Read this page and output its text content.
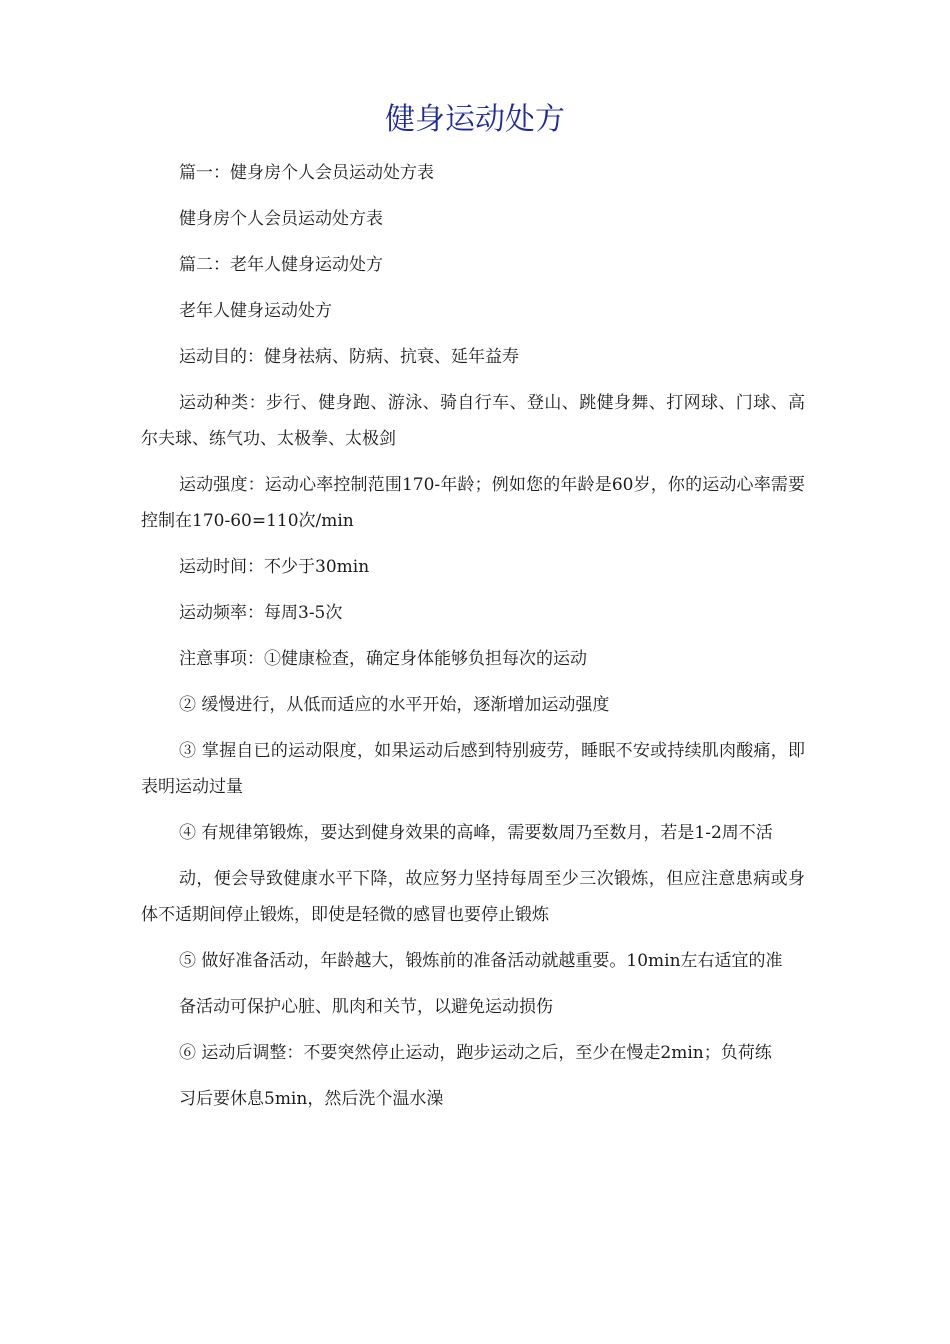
健身运动处方

篇一：健身房个人会员运动处方表

健身房个人会员运动处方表

篇二：老年人健身运动处方

老年人健身运动处方

运动目的：健身祛病、防病、抗衰、延年益寿

运动种类：步行、健身跑、游泳、骑自行车、登山、跳健身舞、打网球、门球、高尔夫球、练气功、太极拳、太极剑

运动强度：运动心率控制范围170-年龄；例如您的年龄是60岁，你的运动心率需要控制在170-60=110次/min

运动时间：不少于30min

运动频率：每周3-5次

注意事项：①健康检查，确定身体能够负担每次的运动

② 缓慢进行，从低而适应的水平开始，逐渐增加运动强度

③ 掌握自已的运动限度，如果运动后感到特别疲劳，睡眠不安或持续肌肉酸痛，即表明运动过量

④ 有规律第锻炼，要达到健身效果的高峰，需要数周乃至数月，若是1-2周不活

动，便会导致健康水平下降，故应努力坚持每周至少三次锻炼，但应注意患病或身体不适期间停止锻炼，即使是轻微的感冒也要停止锻炼

⑤ 做好准备活动，年龄越大，锻炼前的准备活动就越重要。10min左右适宜的准

备活动可保护心脏、肌肉和关节，以避免运动损伤

⑥ 运动后调整：不要突然停止运动，跑步运动之后，至少在慢走2min；负荷练

习后要休息5min，然后洗个温水澡
